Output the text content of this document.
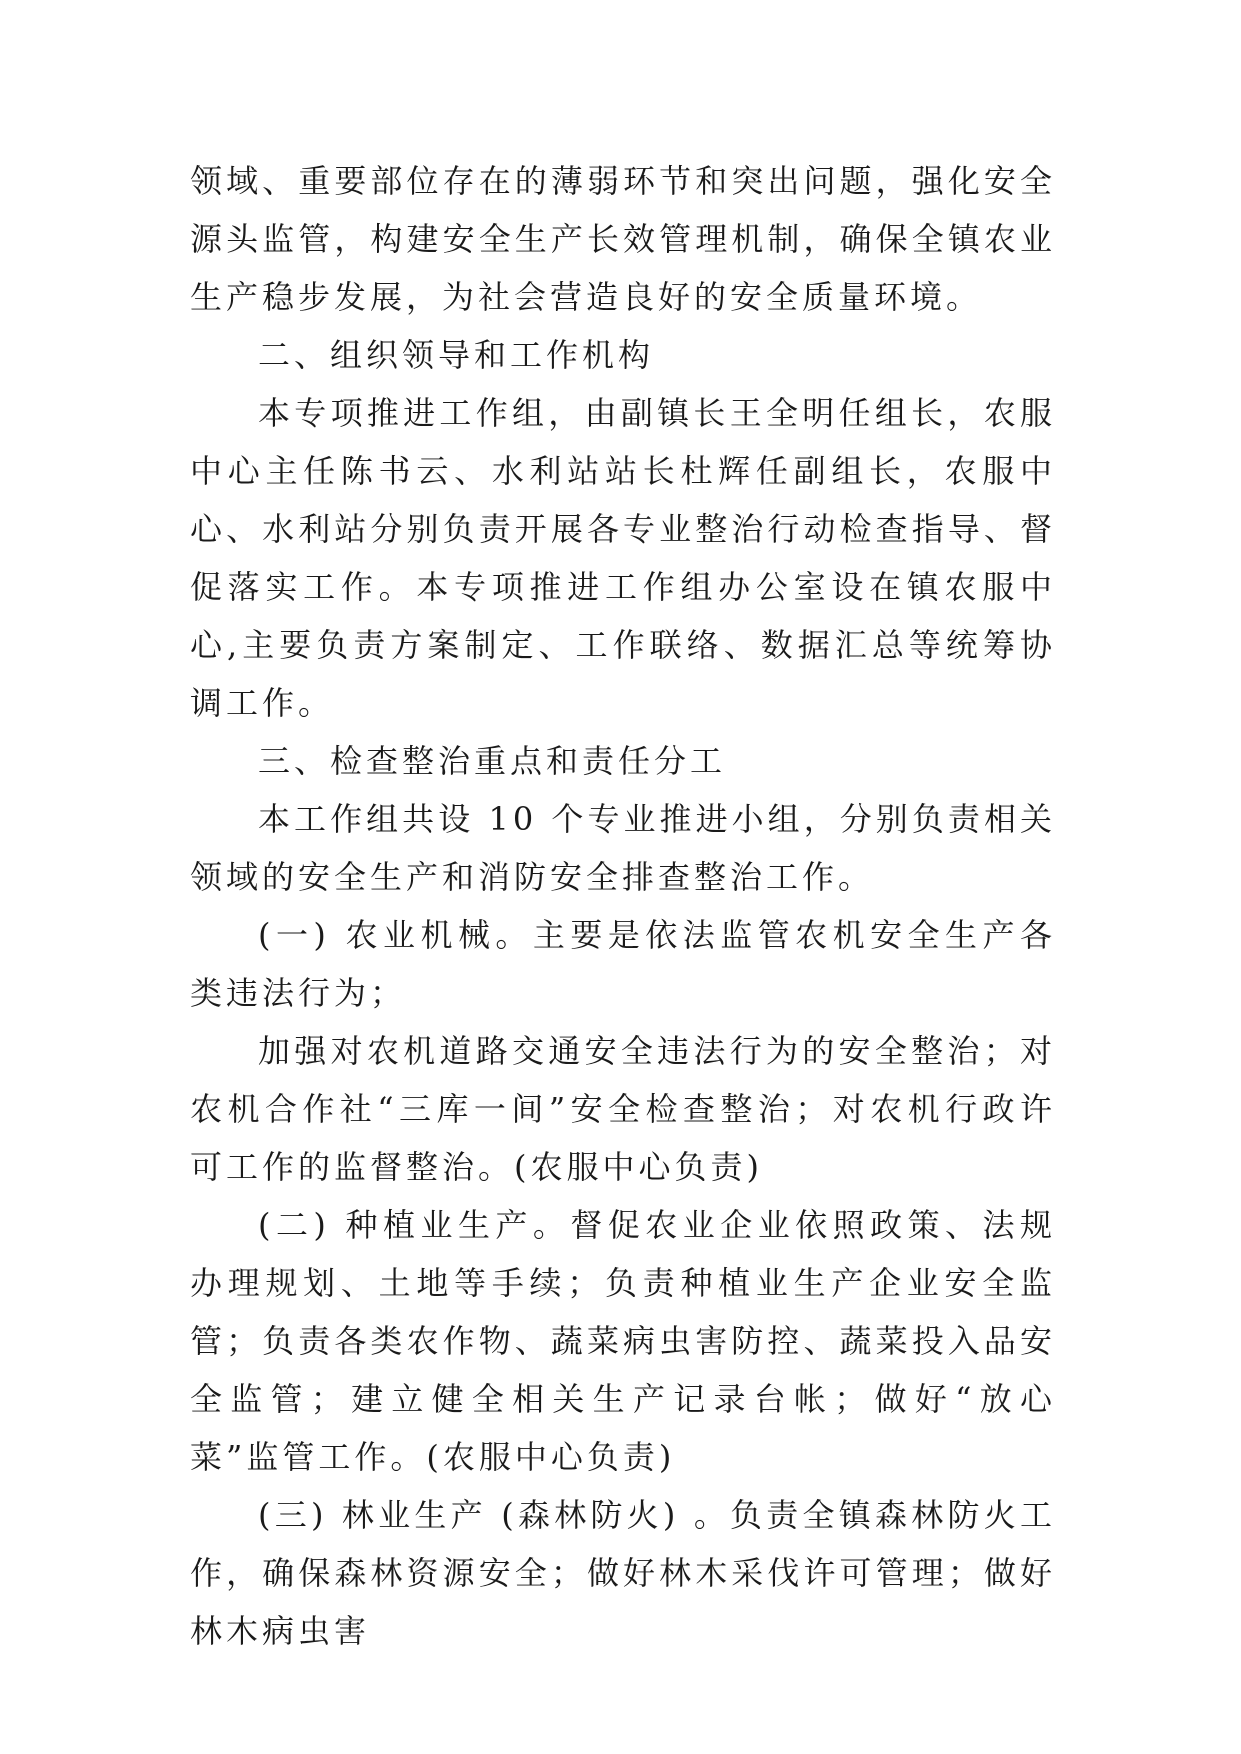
领域、重要部位存在的薄弱环节和突出问题，强化安全源头监管，构建安全生产长效管理机制，确保全镇农业生产稳步发展，为社会营造良好的安全质量环境。

二、组织领导和工作机构

本专项推进工作组，由副镇长王全明任组长，农服中心主任陈书云、水利站站长杜辉任副组长，农服中心、水利站分别负责开展各专业整治行动检查指导、督促落实工作。本专项推进工作组办公室设在镇农服中心,主要负责方案制定、工作联络、数据汇总等统筹协调工作。

三、检查整治重点和责任分工

本工作组共设 10 个专业推进小组，分别负责相关领域的安全生产和消防安全排查整治工作。

(一) 农业机械。主要是依法监管农机安全生产各类违法行为；

加强对农机道路交通安全违法行为的安全整治；对农机合作社“三库一间”安全检查整治；对农机行政许可工作的监督整治。(农服中心负责)

(二) 种植业生产。督促农业企业依照政策、法规办理规划、土地等手续；负责种植业生产企业安全监管；负责各类农作物、蔬菜病虫害防控、蔬菜投入品安全监管；建立健全相关生产记录台帐；做好“放心菜”监管工作。(农服中心负责)

(三) 林业生产 (森林防火) 。负责全镇森林防火工作，确保森林资源安全；做好林木采伐许可管理；做好林木病虫害
